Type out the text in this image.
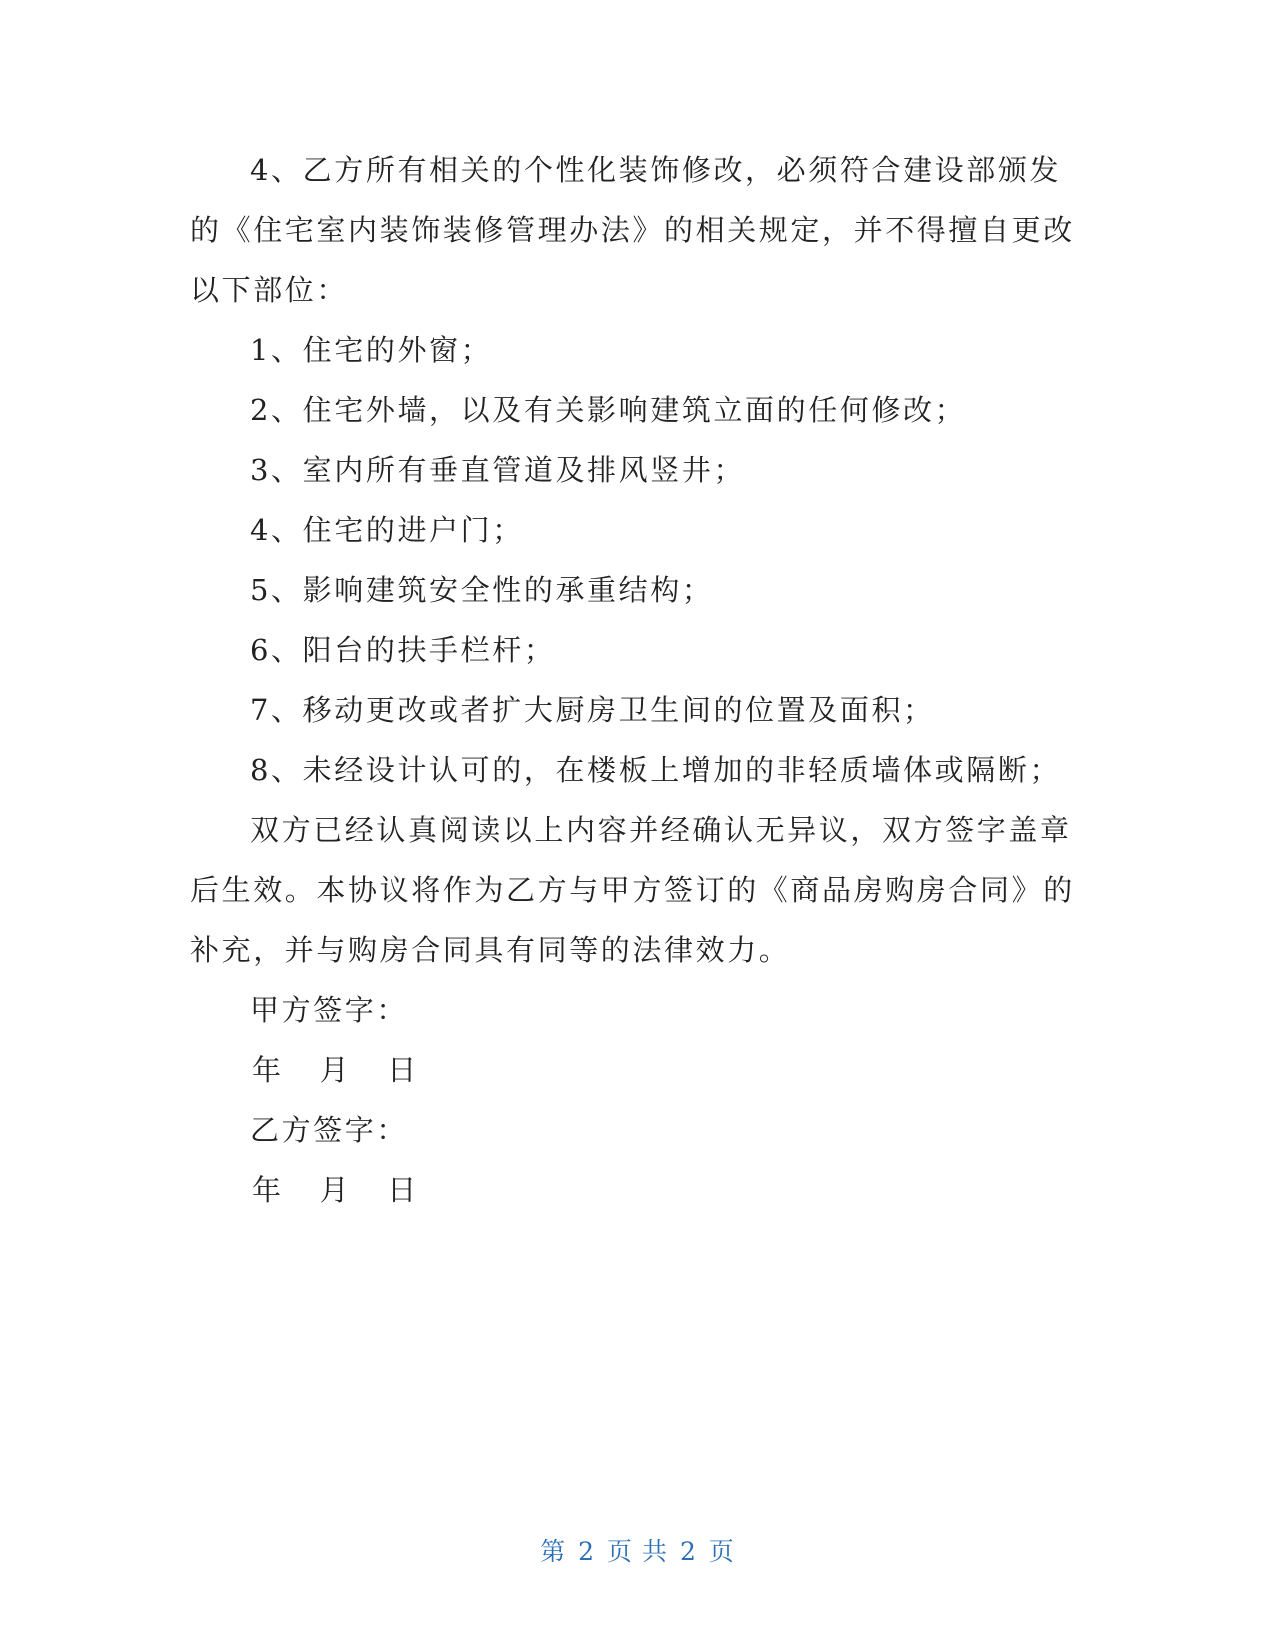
4、乙方所有相关的个性化装饰修改，必须符合建设部颁发的《住宅室内装饰装修管理办法》的相关规定，并不得擅自更改以下部位：

1、住宅的外窗；

2、住宅外墙，以及有关影响建筑立面的任何修改；

3、室内所有垂直管道及排风竖井；

4、住宅的进户门；

5、影响建筑安全性的承重结构；

6、阳台的扶手栏杆；

7、移动更改或者扩大厨房卫生间的位置及面积；

8、未经设计认可的，在楼板上增加的非轻质墙体或隔断；

双方已经认真阅读以上内容并经确认无异议，双方签字盖章后生效。本协议将作为乙方与甲方签订的《商品房购房合同》的补充，并与购房合同具有同等的法律效力。

甲方签字：

年 月 日

乙方签字：

年 月 日

第 2 页 共 2 页
